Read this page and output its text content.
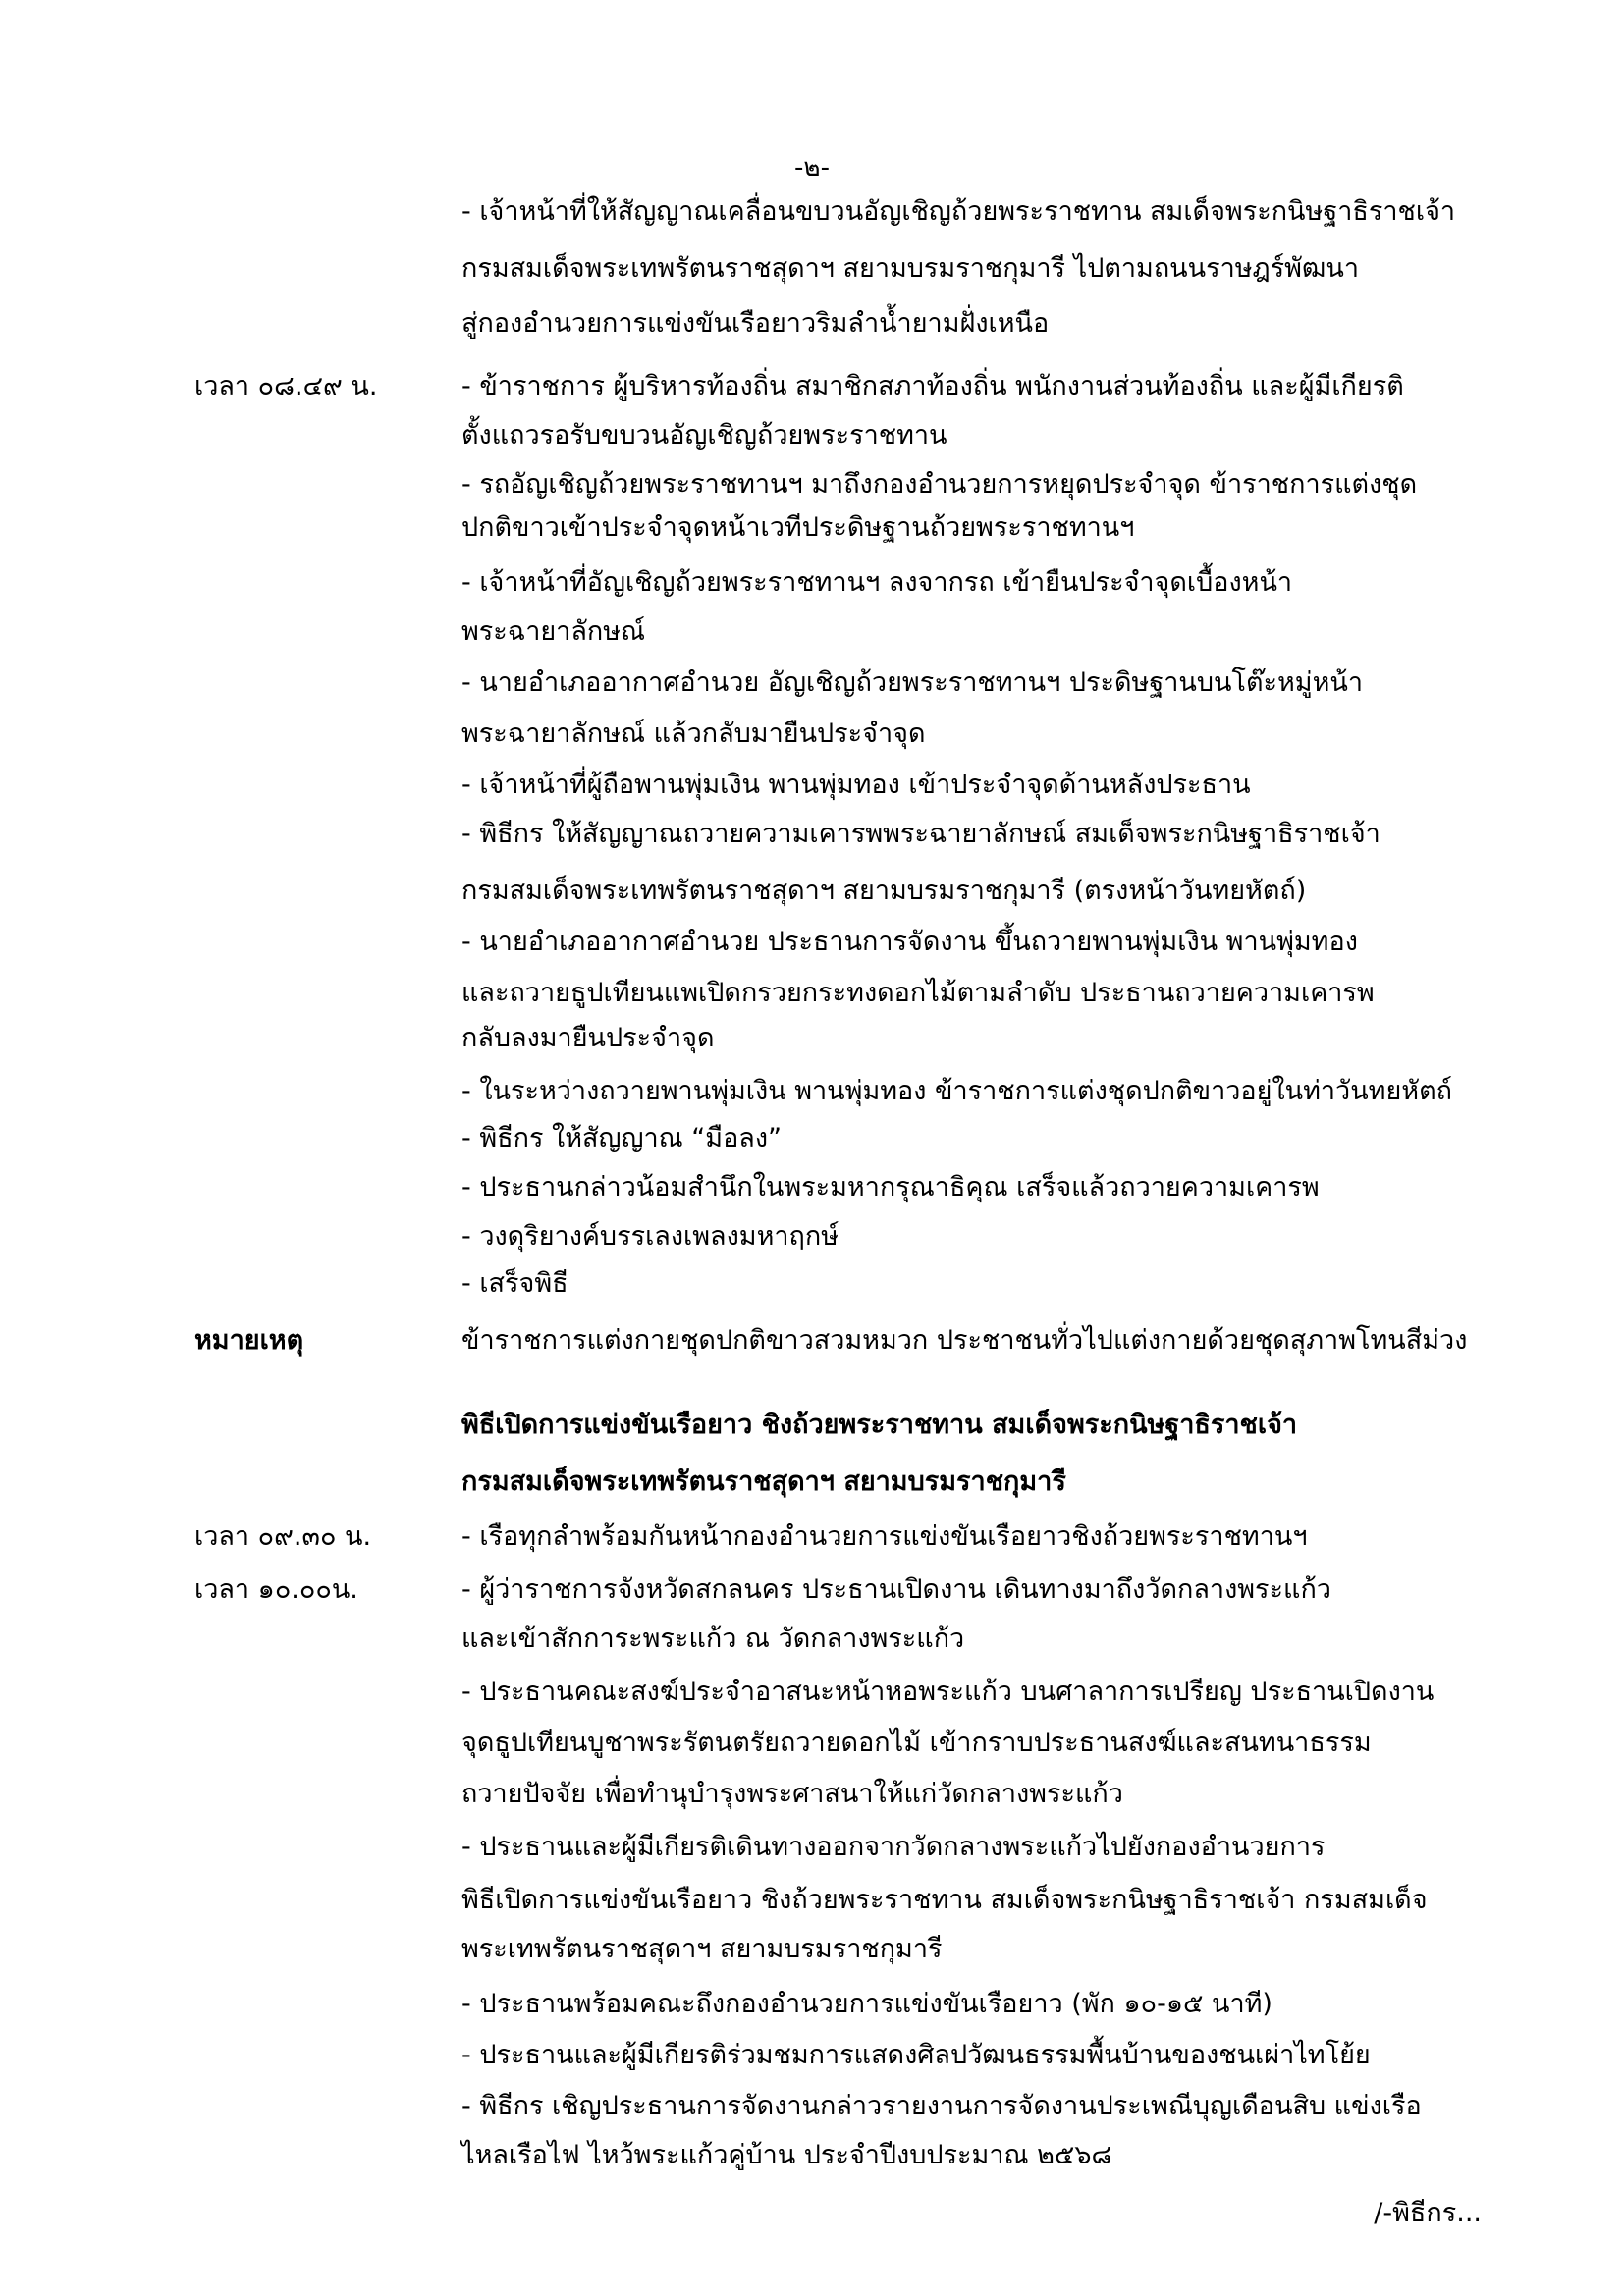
-๒-
- เจ้าหน้าที่ให้สัญญาณเคลื่อนขบวนอัญเชิญถ้วยพระราชทาน สมเด็จพระกนิษฐาธิราชเจ้า
กรมสมเด็จพระเทพรัตนราชสุดาฯ สยามบรมราชกุมารี ไปตามถนนราษฎร์พัฒนา
สู่กองอำนวยการแข่งขันเรือยาวริมลำน้ำยามฝั่งเหนือ
เวลา ๐๘.๔๙ น.	- ข้าราชการ ผู้บริหารท้องถิ่น สมาชิกสภาท้องถิ่น พนักงานส่วนท้องถิ่น และผู้มีเกียรติ
ตั้งแถวรอรับขบวนอัญเชิญถ้วยพระราชทาน
- รถอัญเชิญถ้วยพระราชทานฯ มาถึงกองอำนวยการหยุดประจำจุด ข้าราชการแต่งชุด
ปกติขาวเข้าประจำจุดหน้าเวทีประดิษฐานถ้วยพระราชทานฯ
- เจ้าหน้าที่อัญเชิญถ้วยพระราชทานฯ ลงจากรถ เข้ายืนประจำจุดเบื้องหน้า
พระฉายาลักษณ์
- นายอำเภออากาศอำนวย อัญเชิญถ้วยพระราชทานฯ ประดิษฐานบนโต๊ะหมู่หน้า
พระฉายาลักษณ์ แล้วกลับมายืนประจำจุด
- เจ้าหน้าที่ผู้ถือพานพุ่มเงิน พานพุ่มทอง เข้าประจำจุดด้านหลังประธาน
- พิธีกร ให้สัญญาณถวายความเคารพพระฉายาลักษณ์ สมเด็จพระกนิษฐาธิราชเจ้า
กรมสมเด็จพระเทพรัตนราชสุดาฯ สยามบรมราชกุมารี (ตรงหน้าวันทยหัตถ์)
- นายอำเภออากาศอำนวย ประธานการจัดงาน ขึ้นถวายพานพุ่มเงิน พานพุ่มทอง
และถวายธูปเทียนแพเปิดกรวยกระทงดอกไม้ตามลำดับ ประธานถวายความเคารพ
กลับลงมายืนประจำจุด
- ในระหว่างถวายพานพุ่มเงิน พานพุ่มทอง ข้าราชการแต่งชุดปกติขาวอยู่ในท่าวันทยหัตถ์
- พิธีกร ให้สัญญาณ “มือลง”
- ประธานกล่าวน้อมสำนึกในพระมหากรุณาธิคุณ เสร็จแล้วถวายความเคารพ
- วงดุริยางค์บรรเลงเพลงมหาฤกษ์
- เสร็จพิธี
หมายเหตุ	ข้าราชการแต่งกายชุดปกติขาวสวมหมวก ประชาชนทั่วไปแต่งกายด้วยชุดสุภาพโทนสีม่วง
พิธีเปิดการแข่งขันเรือยาว ชิงถ้วยพระราชทาน สมเด็จพระกนิษฐาธิราชเจ้า
กรมสมเด็จพระเทพรัตนราชสุดาฯ สยามบรมราชกุมารี
เวลา ๐๙.๓๐ น.	- เรือทุกลำพร้อมกันหน้ากองอำนวยการแข่งขันเรือยาวชิงถ้วยพระราชทานฯ
เวลา ๑๐.๐๐น.	- ผู้ว่าราชการจังหวัดสกลนคร ประธานเปิดงาน เดินทางมาถึงวัดกลางพระแก้ว
และเข้าสักการะพระแก้ว ณ วัดกลางพระแก้ว
- ประธานคณะสงฆ์ประจำอาสนะหน้าหอพระแก้ว บนศาลาการเปรียญ ประธานเปิดงาน
จุดธูปเทียนบูชาพระรัตนตรัยถวายดอกไม้ เข้ากราบประธานสงฆ์และสนทนาธรรม
ถวายปัจจัย เพื่อทำนุบำรุงพระศาสนาให้แก่วัดกลางพระแก้ว
- ประธานและผู้มีเกียรติเดินทางออกจากวัดกลางพระแก้วไปยังกองอำนวยการ
พิธีเปิดการแข่งขันเรือยาว ชิงถ้วยพระราชทาน สมเด็จพระกนิษฐาธิราชเจ้า กรมสมเด็จ
พระเทพรัตนราชสุดาฯ สยามบรมราชกุมารี
- ประธานพร้อมคณะถึงกองอำนวยการแข่งขันเรือยาว (พัก ๑๐-๑๕ นาที)
- ประธานและผู้มีเกียรติร่วมชมการแสดงศิลปวัฒนธรรมพื้นบ้านของชนเผ่าไทโย้ย
- พิธีกร เชิญประธานการจัดงานกล่าวรายงานการจัดงานประเพณีบุญเดือนสิบ แข่งเรือ
ไหลเรือไฟ ไหว้พระแก้วคู่บ้าน ประจำปีงบประมาณ ๒๕๖๘
/-พิธีกร...
